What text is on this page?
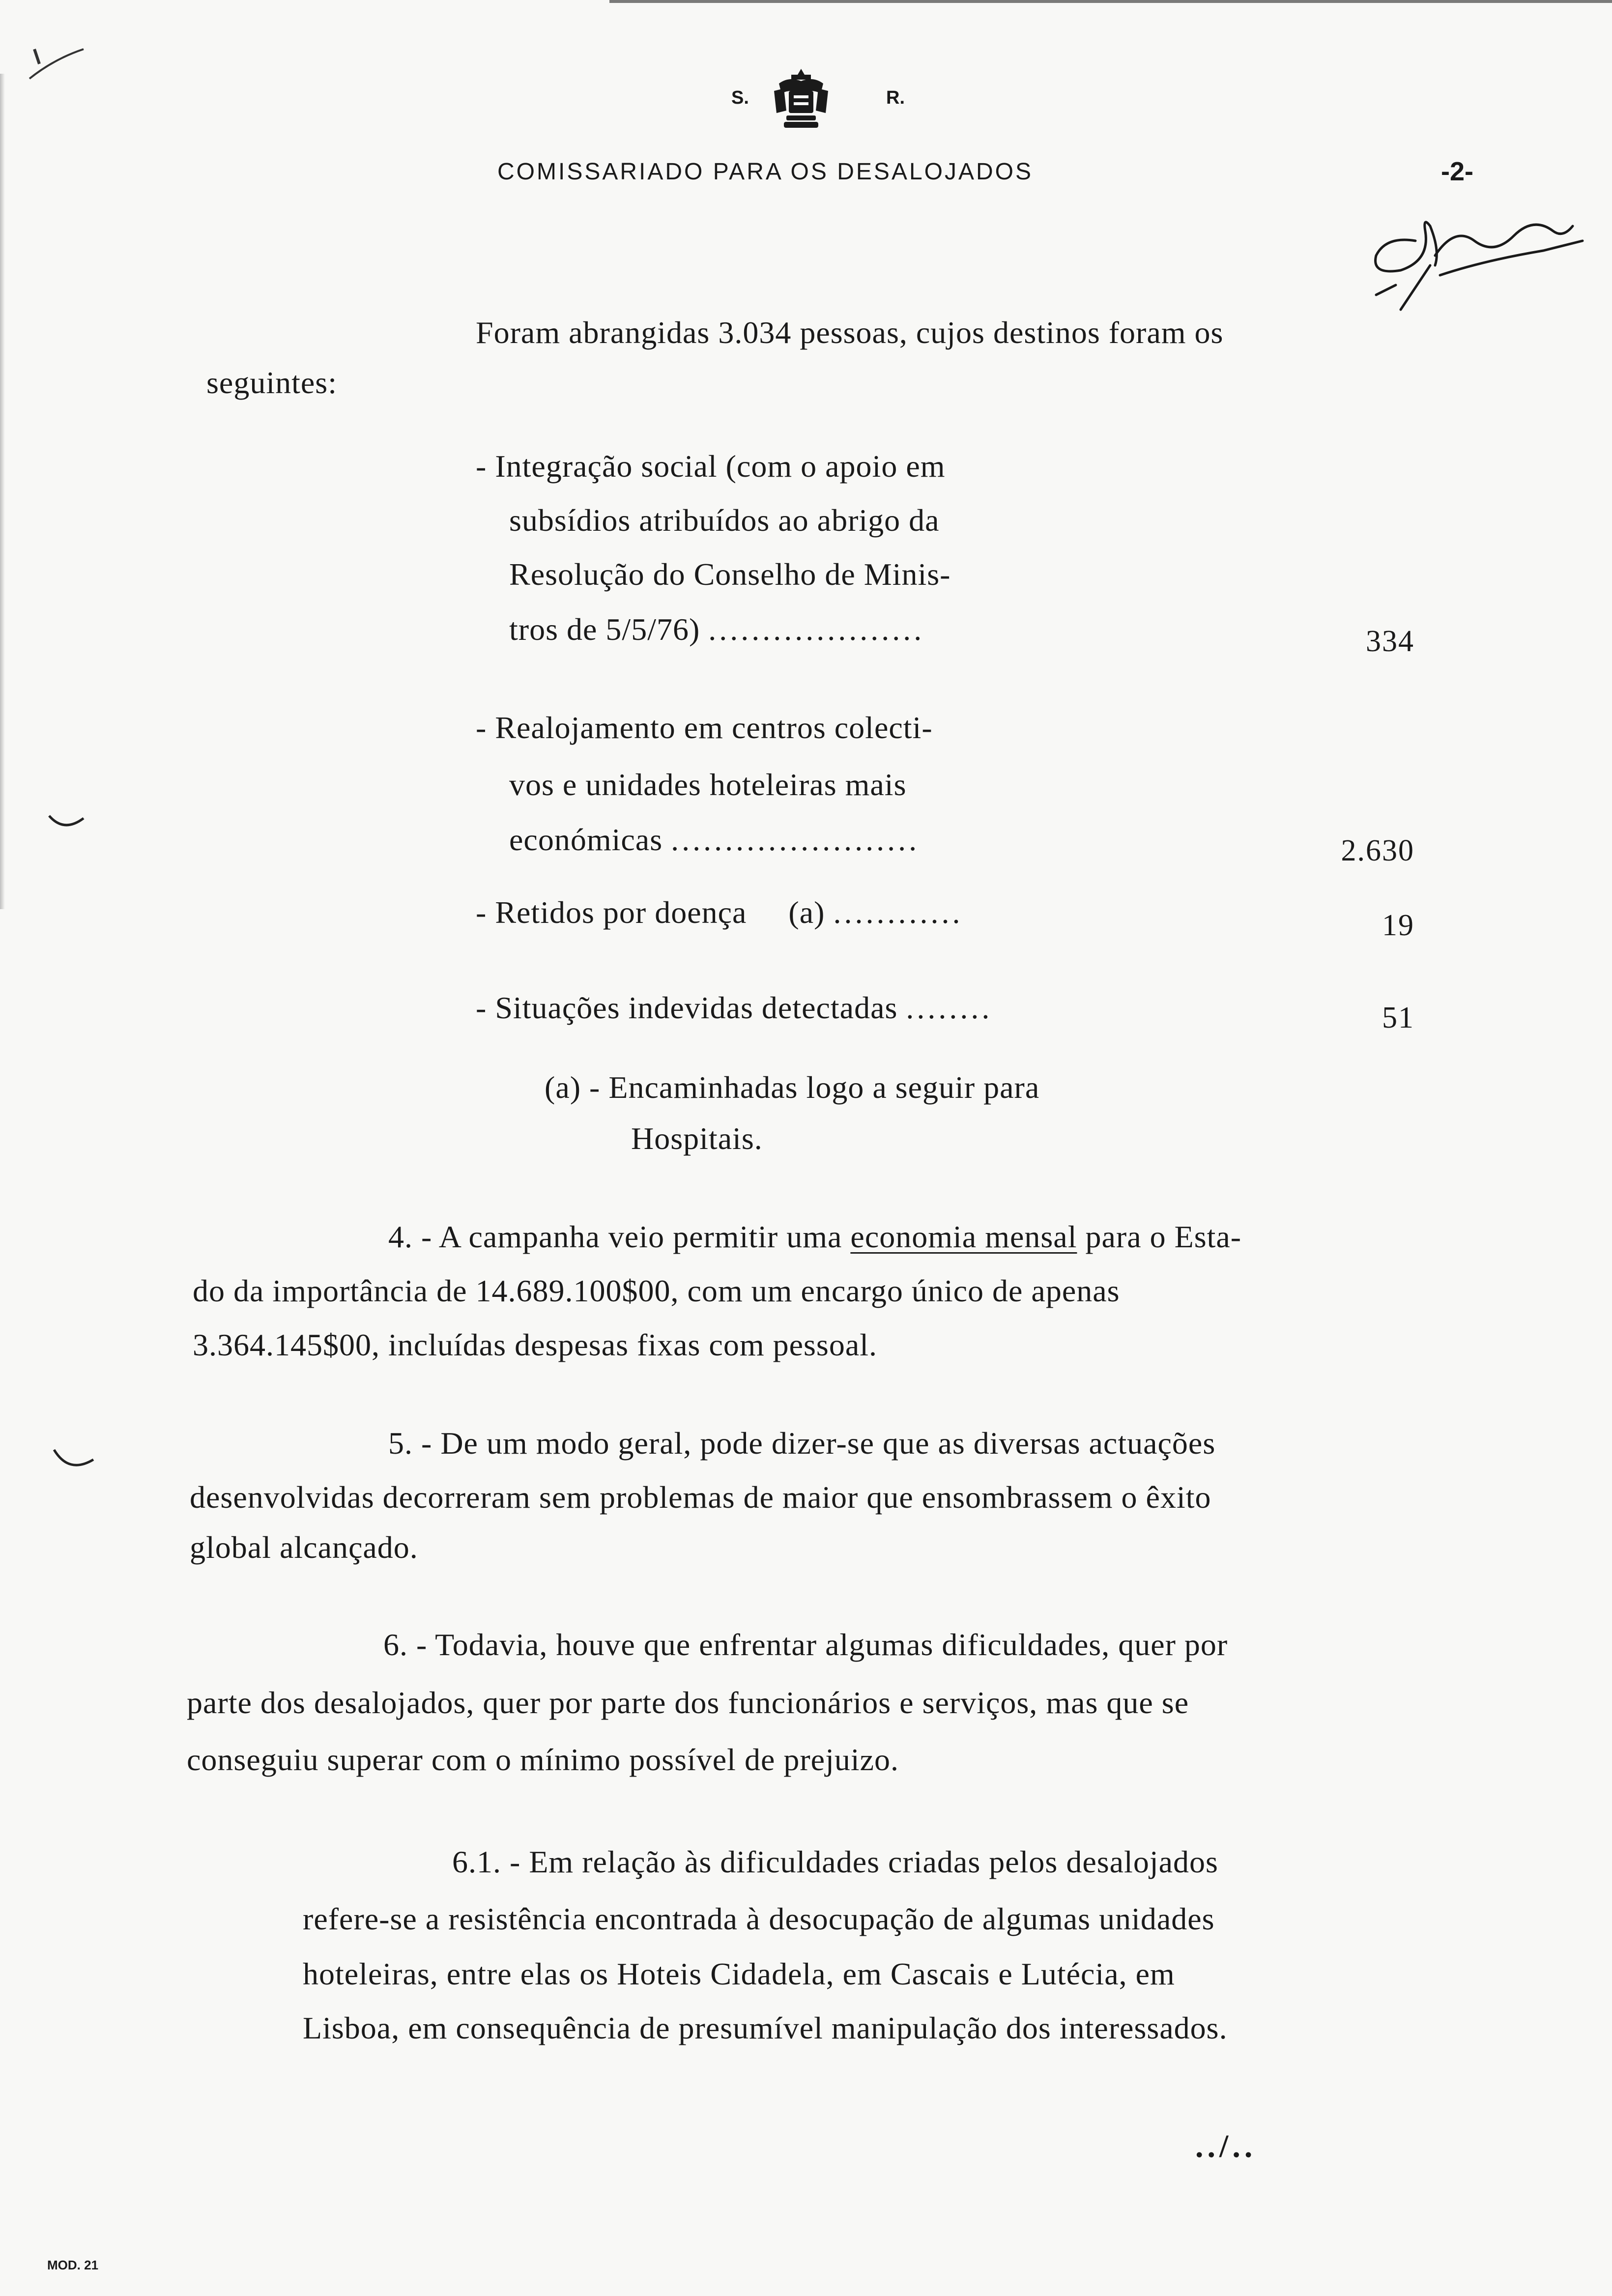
S.	R.
COMISSARIADO PARA OS DESALOJADOS	-2-
Foram abrangidas 3.034 pessoas, cujos destinos foram os
seguintes:
- Integração social (com o apoio em
subsídios atribuídos ao abrigo da
Resolução do Conselho de Minis-
tros de 5/5/76) ....................	334
- Realojamento em centros colecti-
vos e unidades hoteleiras mais
económicas .......................	2.630
- Retidos por doença     (a) ............	19
- Situações indevidas detectadas ........	51
(a) - Encaminhadas logo a seguir para
Hospitais.
4. - A campanha veio permitir uma economia mensal para o Esta-
do da importância de 14.689.100$00, com um encargo único de apenas
3.364.145$00, incluídas despesas fixas com pessoal.
5. - De um modo geral, pode dizer-se que as diversas actuações
desenvolvidas decorreram sem problemas de maior que ensombrassem o êxito
global alcançado.
6. - Todavia, houve que enfrentar algumas dificuldades, quer por
parte dos desalojados, quer por parte dos funcionários e serviços, mas que se
conseguiu superar com o mínimo possível de prejuizo.
6.1. - Em relação às dificuldades criadas pelos desalojados
refere-se a resistência encontrada à desocupação de algumas unidades
hoteleiras, entre elas os Hoteis Cidadela, em Cascais e Lutécia, em
Lisboa, em consequência de presumível manipulação dos interessados.
../..
MOD. 21
